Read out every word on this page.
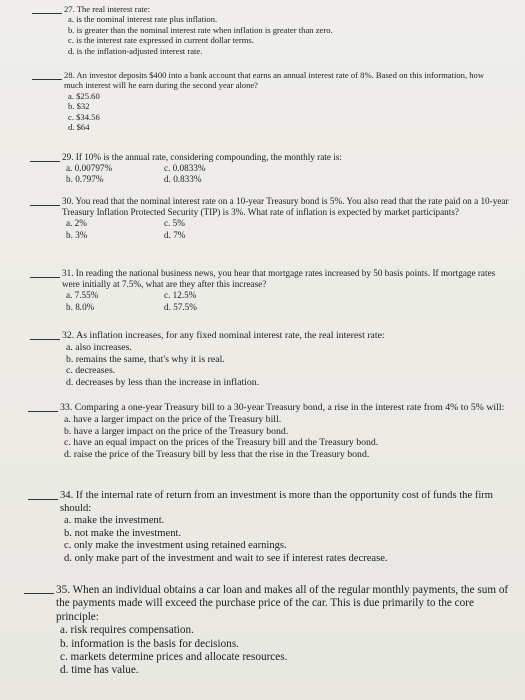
27. The real interest rate:
a. is the nominal interest rate plus inflation.
b. is greater than the nominal interest rate when inflation is greater than zero.
c. is the interest rate expressed in current dollar terms.
d. is the inflation-adjusted interest rate.
28. An investor deposits $400 into a bank account that earns an annual interest rate of 8%. Based on this information, how much interest will he earn during the second year alone?
a. $25.60
b. $32
c. $34.56
d. $64
29. If 10% is the annual rate, considering compounding, the monthly rate is:
a. 0.00797%	c. 0.0833%
b. 0.797%	d. 0.833%
30. You read that the nominal interest rate on a 10-year Treasury bond is 5%. You also read that the rate paid on a 10-year Treasury Inflation Protected Security (TIP) is 3%. What rate of inflation is expected by market participants?
a. 2%	c. 5%
b. 3%	d. 7%
31. In reading the national business news, you hear that mortgage rates increased by 50 basis points. If mortgage rates were initially at 7.5%, what are they after this increase?
a. 7.55%	c. 12.5%
b. 8.0%	d. 57.5%
32. As inflation increases, for any fixed nominal interest rate, the real interest rate:
a. also increases.
b. remains the same, that's why it is real.
c. decreases.
d. decreases by less than the increase in inflation.
33. Comparing a one-year Treasury bill to a 30-year Treasury bond, a rise in the interest rate from 4% to 5% will:
a. have a larger impact on the price of the Treasury bill.
b. have a larger impact on the price of the Treasury bond.
c. have an equal impact on the prices of the Treasury bill and the Treasury bond.
d. raise the price of the Treasury bill by less that the rise in the Treasury bond.
34. If the internal rate of return from an investment is more than the opportunity cost of funds the firm should:
a. make the investment.
b. not make the investment.
c. only make the investment using retained earnings.
d. only make part of the investment and wait to see if interest rates decrease.
35. When an individual obtains a car loan and makes all of the regular monthly payments, the sum of the payments made will exceed the purchase price of the car. This is due primarily to the core principle:
a. risk requires compensation.
b. information is the basis for decisions.
c. markets determine prices and allocate resources.
d. time has value.
